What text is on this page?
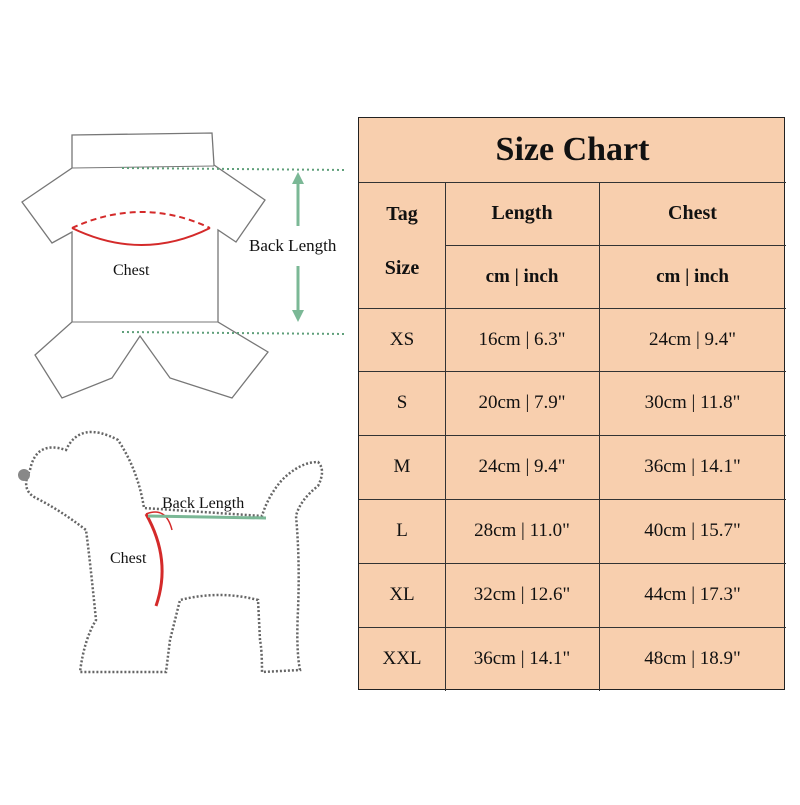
Chest
Back Length
Chest
Back Length
Size Chart
Tag
Size
Length	Chest
cm | inch	cm | inch
XS	16cm | 6.3"	24cm | 9.4"
S	20cm | 7.9"	30cm | 11.8"
M	24cm | 9.4"	36cm | 14.1"
L	28cm | 11.0"	40cm | 15.7"
XL	32cm | 12.6"	44cm | 17.3"
XXL	36cm | 14.1"	48cm | 18.9"
